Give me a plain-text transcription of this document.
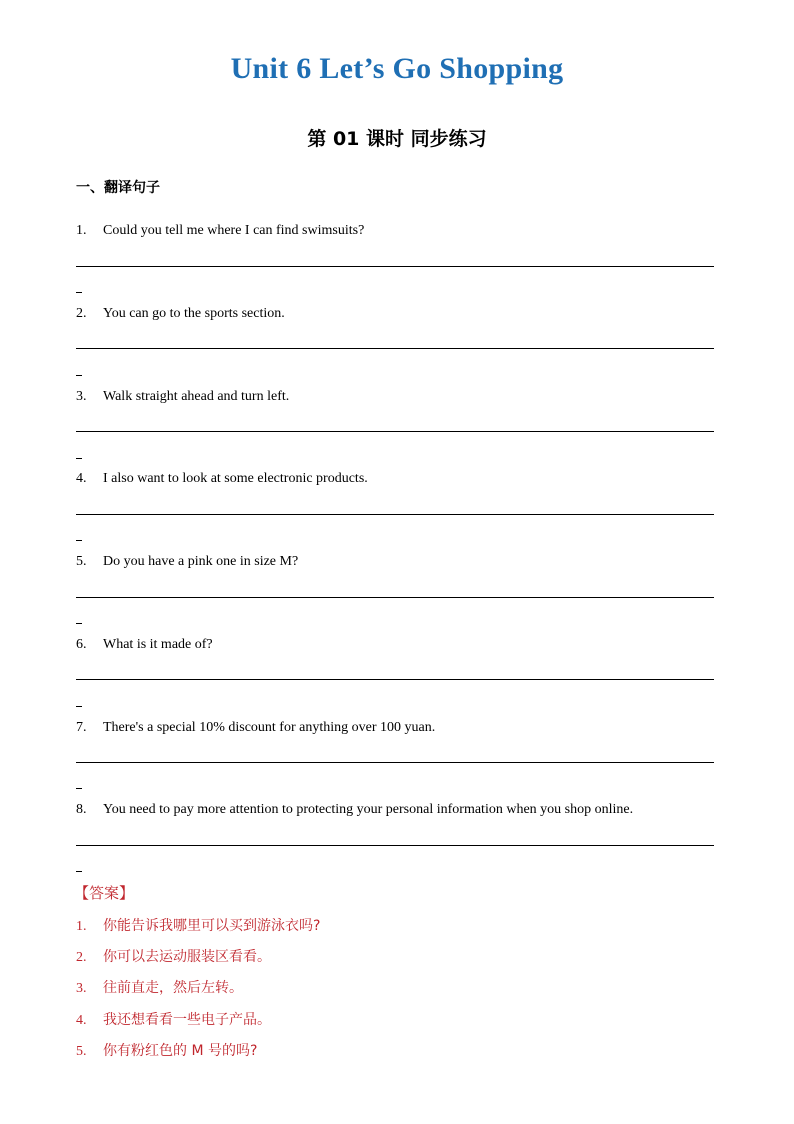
Unit 6 Let’s Go Shopping
第 01 课时 同步练习
一、翻译句子
1. Could you tell me where I can find swimsuits?
2. You can go to the sports section.
3. Walk straight ahead and turn left.
4. I also want to look at some electronic products.
5. Do you have a pink one in size M?
6. What is it made of?
7. There's a special 10% discount for anything over 100 yuan.
8. You need to pay more attention to protecting your personal information when you shop online.
【答案】
1. 你能告诉我哪里可以买到游泳衣吗?
2. 你可以去运动服装区看看。
3. 往前直走，然后左转。
4. 我还想看看一些电子产品。
5. 你有粉红色的 M 号的吗?
